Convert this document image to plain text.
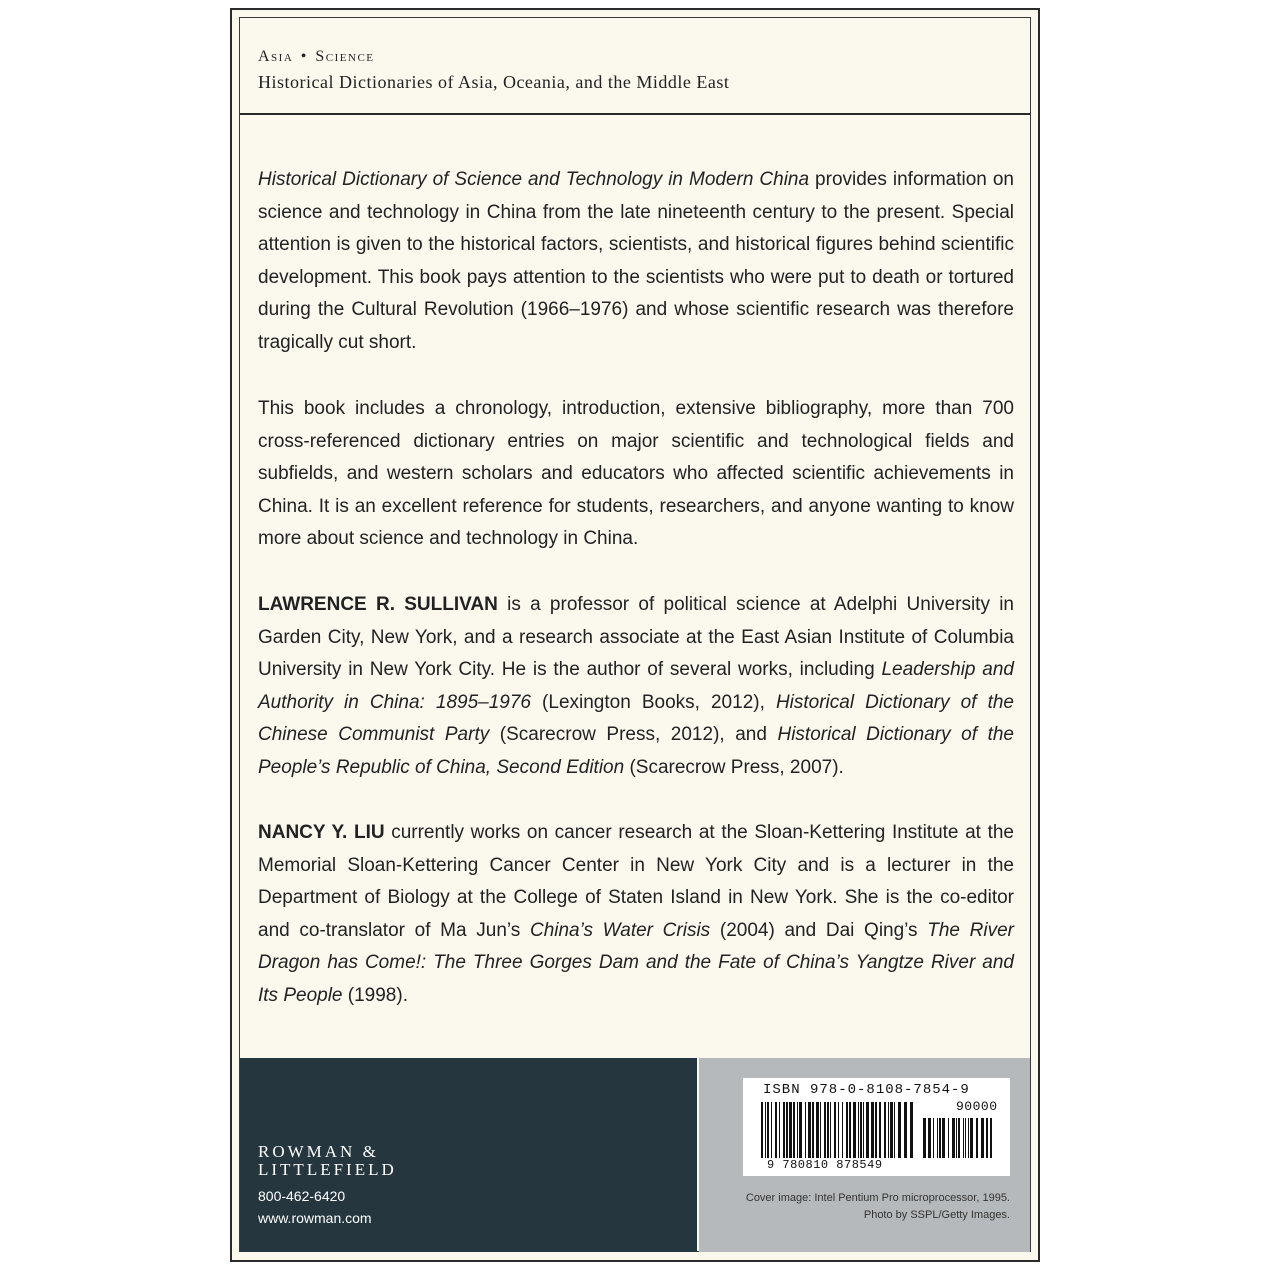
Asia • Science

Historical Dictionaries of Asia, Oceania, and the Middle East

Historical Dictionary of Science and Technology in Modern China provides information on science and technology in China from the late nineteenth century to the present. Special attention is given to the historical factors, scientists, and historical figures behind scientific development. This book pays attention to the scientists who were put to death or tortured during the Cultural Revolution (1966–1976) and whose scientific research was therefore tragically cut short.

This book includes a chronology, introduction, extensive bibliography, more than 700 cross-referenced dictionary entries on major scientific and technological fields and subfields, and western scholars and educators who affected scientific achievements in China. It is an excellent reference for students, researchers, and anyone wanting to know more about science and technology in China.

LAWRENCE R. SULLIVAN is a professor of political science at Adelphi University in Garden City, New York, and a research associate at the East Asian Institute of Columbia University in New York City. He is the author of several works, including Leadership and Authority in China: 1895–1976 (Lexington Books, 2012), Historical Dictionary of the Chinese Communist Party (Scarecrow Press, 2012), and Historical Dictionary of the People’s Republic of China, Second Edition (Scarecrow Press, 2007).

NANCY Y. LIU currently works on cancer research at the Sloan-Kettering Institute at the Memorial Sloan-Kettering Cancer Center in New York City and is a lecturer in the Department of Biology at the College of Staten Island in New York. She is the co-editor and co-translator of Ma Jun’s China’s Water Crisis (2004) and Dai Qing’s The River Dragon has Come!: The Three Gorges Dam and the Fate of China’s Yangtze River and Its People (1998).

ROWMAN &

LITTLEFIELD

800-462-6420

www.rowman.com

ISBN 978-0-8108-7854-9

90000

9 780810 878549

Cover image: Intel Pentium Pro microprocessor, 1995.

Photo by SSPL/Getty Images.
